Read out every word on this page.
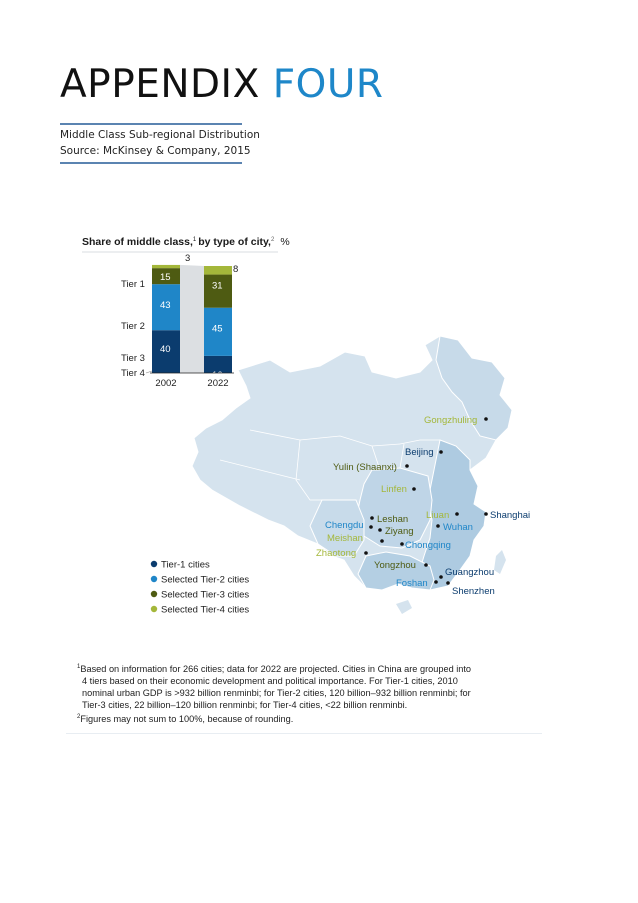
APPENDIX FOUR
Middle Class Sub-regional Distribution
Source: McKinsey & Company, 2015
Share of middle class,$^1$ by type of city,$^2$ %
40
43
15
3
16
45
31
8
Tier 1
Tier 2
Tier 3
Tier 4
2002	2022
Gongzhuling
Beijing
Yulin (Shaanxi)
Linfen
Shanghai
Liuan
Wuhan
Leshan
Chengdu
Ziyang
Meishan
Chongqing
Zhaotong
Yongzhou
Guangzhou
Foshan
Shenzhen
Tier-1 cities
Selected Tier-2 cities
Selected Tier-3 cities
Selected Tier-4 cities
$^1$Based on information for 266 cities; data for 2022 are projected. Cities in China are grouped into
4 tiers based on their economic development and political importance. For Tier-1 cities, 2010
nominal urban GDP is >932 billion renminbi; for Tier-2 cities, 120 billion–932 billion renminbi; for
Tier-3 cities, 22 billion–120 billion renminbi; for Tier-4 cities, <22 billion renminbi.
$^2$Figures may not sum to 100%, because of rounding.
